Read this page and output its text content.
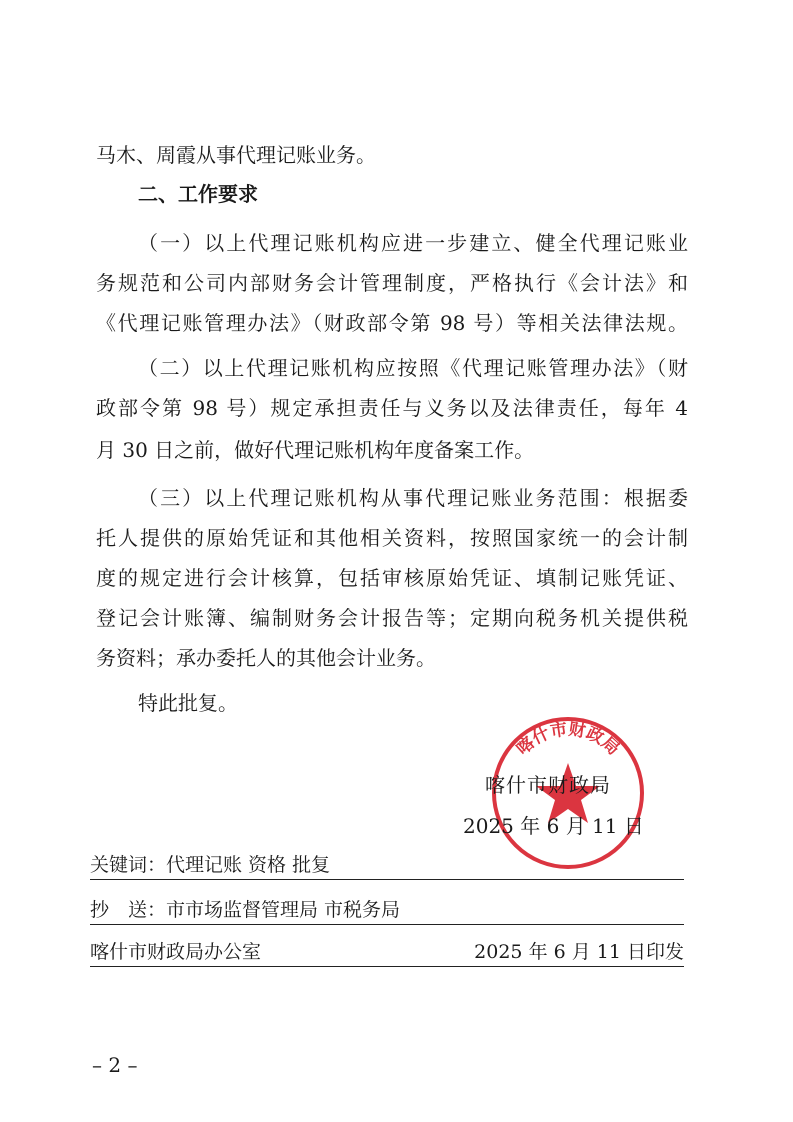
马木、周霞从事代理记账业务。
二、工作要求
（一）以上代理记账机构应进一步建立、健全代理记账业
务规范和公司内部财务会计管理制度，严格执行《会计法》和
《代理记账管理办法》（财政部令第 98 号）等相关法律法规。
（二）以上代理记账机构应按照《代理记账管理办法》（财
政部令第 98 号）规定承担责任与义务以及法律责任，每年 4
月 30 日之前，做好代理记账机构年度备案工作。
（三）以上代理记账机构从事代理记账业务范围：根据委
托人提供的原始凭证和其他相关资料，按照国家统一的会计制
度的规定进行会计核算，包括审核原始凭证、填制记账凭证、
登记会计账簿、编制财务会计报告等；定期向税务机关提供税
务资料；承办委托人的其他会计业务。
特此批复。
喀什市财政局
喀什市财政局
2025 年 6 月 11 日
关键词：代理记账 资格 批复
抄　送：市市场监督管理局 市税务局
喀什市财政局办公室	2025 年 6 月 11 日印发
– 2 –
